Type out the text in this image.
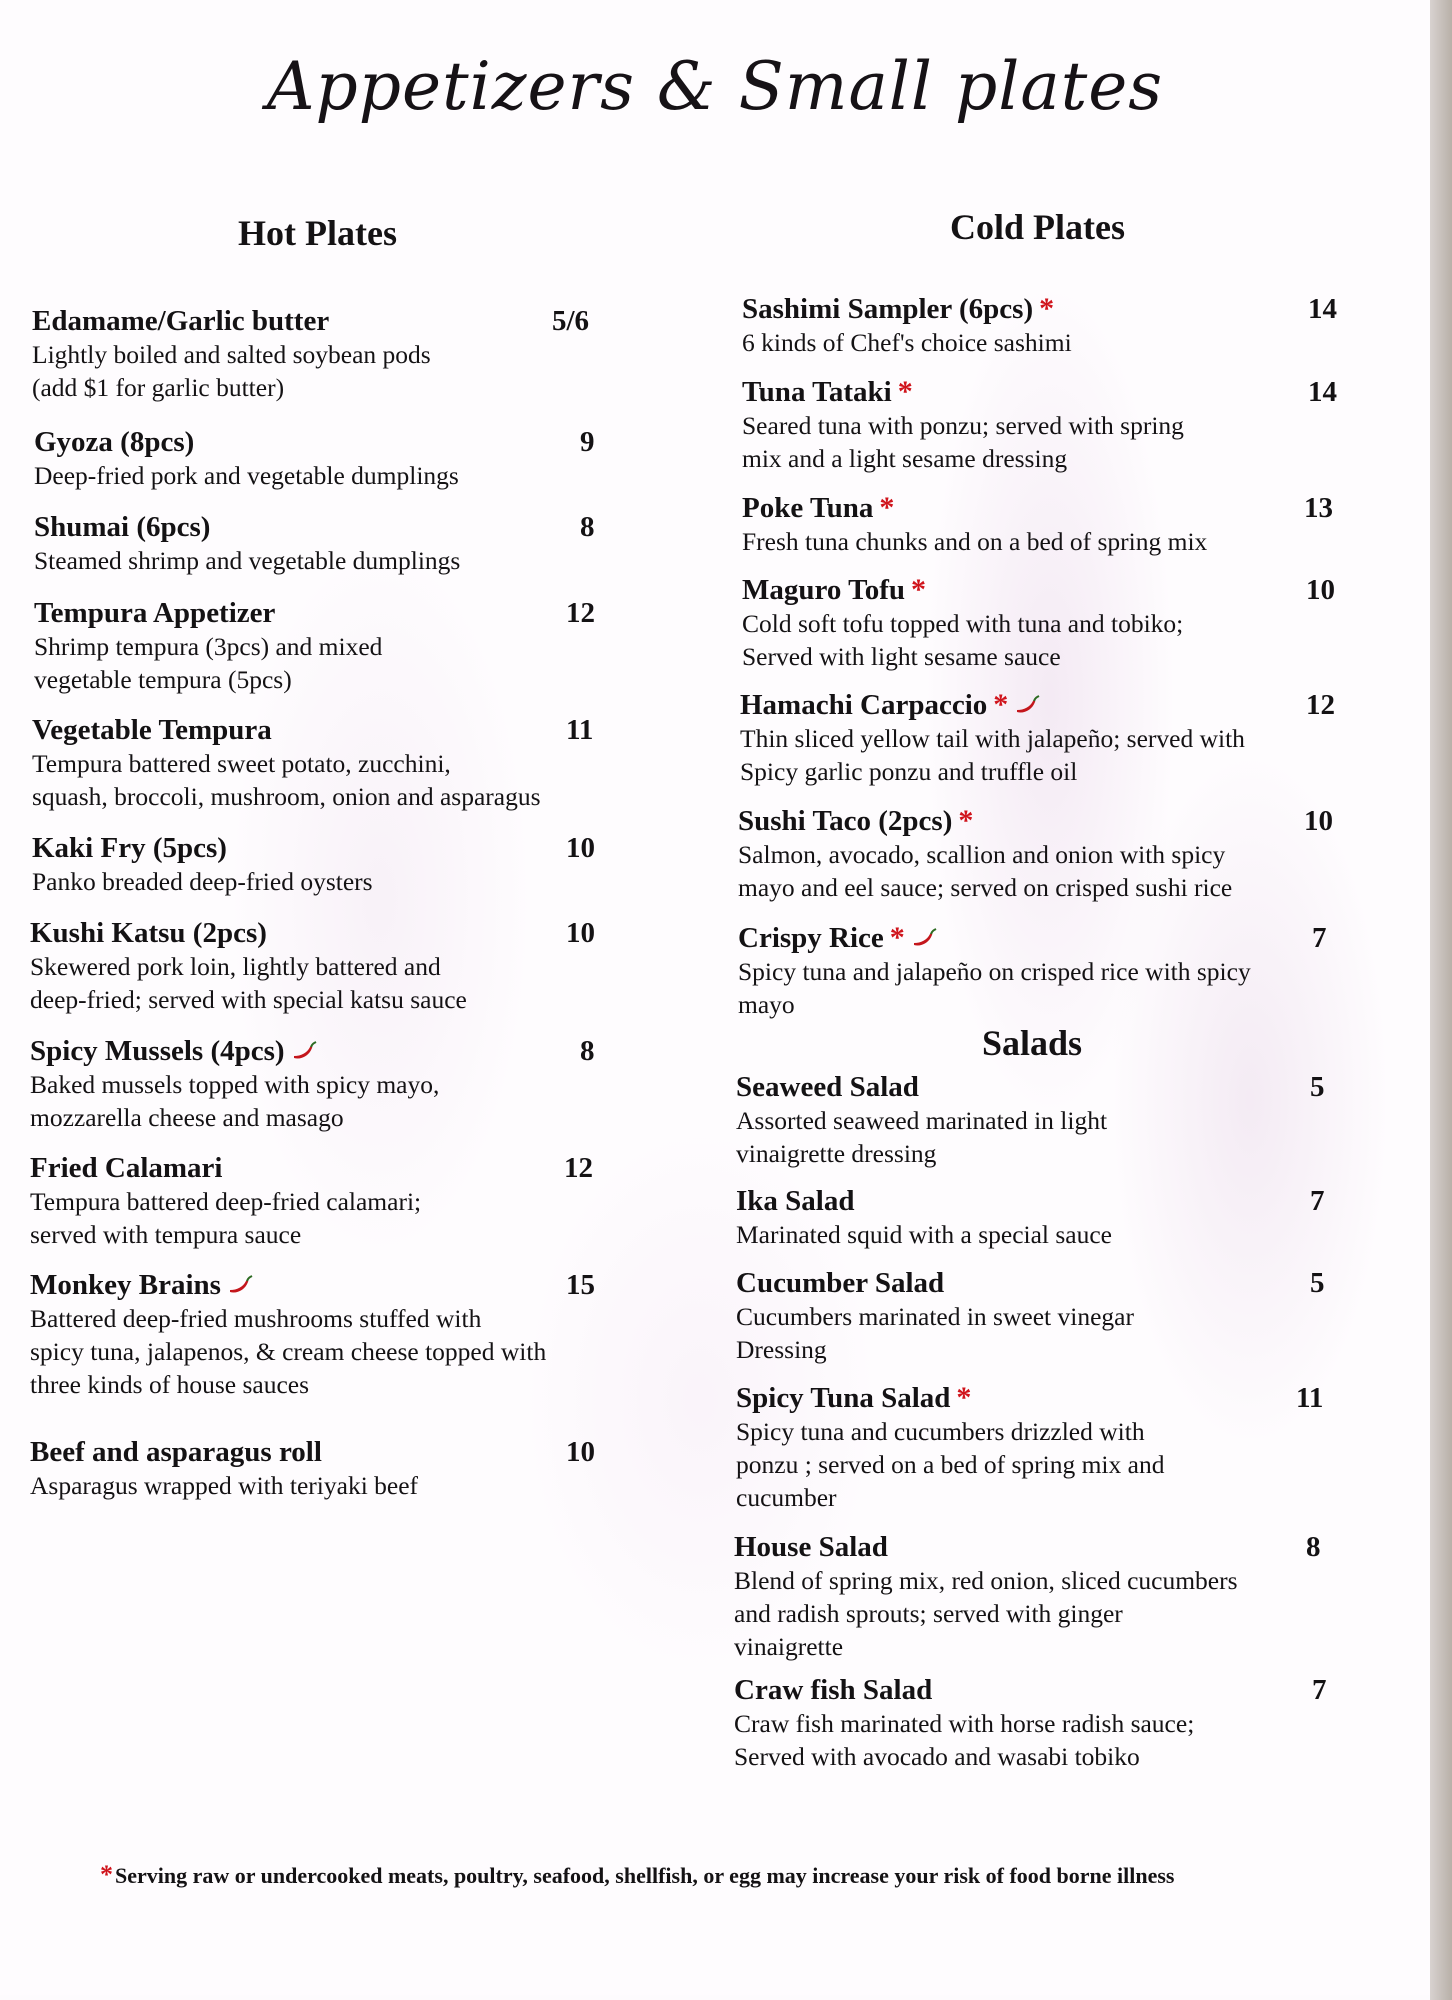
Appetizers & Small plates
Hot Plates	Cold Plates
Salads
Edamame/Garlic butter	5/6
Lightly boiled and salted soybean pods
(add $1 for garlic butter)
Gyoza (8pcs)	9
Deep-fried pork and vegetable dumplings
Shumai (6pcs)	8
Steamed shrimp and vegetable dumplings
Tempura Appetizer	12
Shrimp tempura (3pcs) and mixed
vegetable tempura (5pcs)
Vegetable Tempura	11
Tempura battered sweet potato, zucchini,
squash, broccoli, mushroom, onion and asparagus
Kaki Fry (5pcs)	10
Panko breaded deep-fried oysters
Kushi Katsu (2pcs)	10
Skewered pork loin, lightly battered and
deep-fried; served with special katsu sauce
Spicy Mussels (4pcs)	8
Baked mussels topped with spicy mayo,
mozzarella cheese and masago
Fried Calamari	12
Tempura battered deep-fried calamari;
served with tempura sauce
Monkey Brains	15
Battered deep-fried mushrooms stuffed with
spicy tuna, jalapenos, & cream cheese topped with
three kinds of house sauces
Beef and asparagus roll	10
Asparagus wrapped with teriyaki beef
Sashimi Sampler (6pcs) *	14
6 kinds of Chef's choice sashimi
Tuna Tataki *	14
Seared tuna with ponzu; served with spring
mix and a light sesame dressing
Poke Tuna *	13
Fresh tuna chunks and on a bed of spring mix
Maguro Tofu *	10
Cold soft tofu topped with tuna and tobiko;
Served with light sesame sauce
Hamachi Carpaccio *	12
Thin sliced yellow tail with jalapeño; served with
Spicy garlic ponzu and truffle oil
Sushi Taco (2pcs) *	10
Salmon, avocado, scallion and onion with spicy
mayo and eel sauce; served on crisped sushi rice
Crispy Rice *	7
Spicy tuna and jalapeño on crisped rice with spicy
mayo
Seaweed Salad	5
Assorted seaweed marinated in light
vinaigrette dressing
Ika Salad	7
Marinated squid with a special sauce
Cucumber Salad	5
Cucumbers marinated in sweet vinegar
Dressing
Spicy Tuna Salad *	11
Spicy tuna and cucumbers drizzled with
ponzu ; served on a bed of spring mix and
cucumber
House Salad	8
Blend of spring mix, red onion, sliced cucumbers
and radish sprouts; served with ginger
vinaigrette
Craw fish Salad	7
Craw fish marinated with horse radish sauce;
Served with avocado and wasabi tobiko
*Serving raw or undercooked meats, poultry, seafood, shellfish, or egg may increase your risk of food borne illness
